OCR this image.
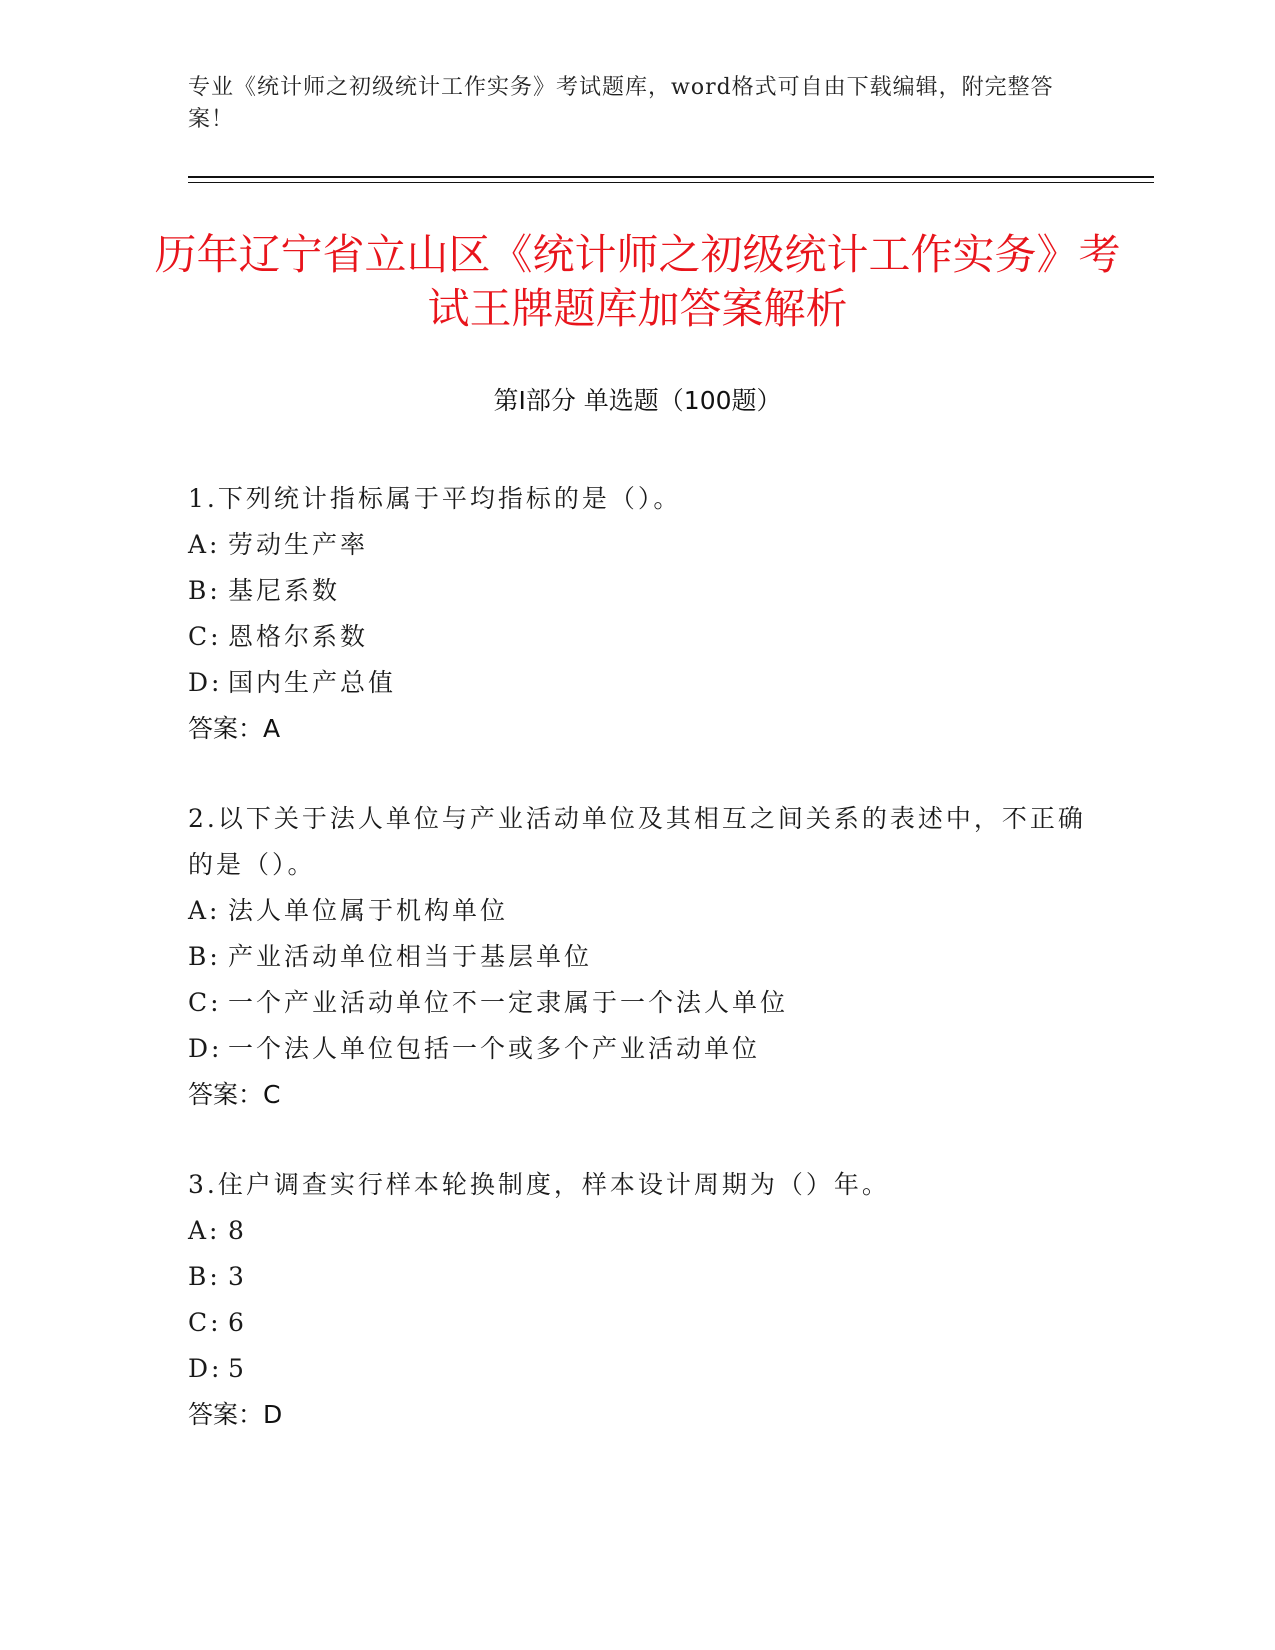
专业《统计师之初级统计工作实务》考试题库，word格式可自由下载编辑，附完整答案！
历年辽宁省立山区《统计师之初级统计工作实务》考试王牌题库加答案解析
第Ⅰ部分 单选题（100题）
1.下列统计指标属于平均指标的是（）。
A: 劳动生产率
B: 基尼系数
C: 恩格尔系数
D: 国内生产总值
答案：A
2.以下关于法人单位与产业活动单位及其相互之间关系的表述中，不正确的是（）。
A: 法人单位属于机构单位
B: 产业活动单位相当于基层单位
C: 一个产业活动单位不一定隶属于一个法人单位
D: 一个法人单位包括一个或多个产业活动单位
答案：C
3.住户调查实行样本轮换制度，样本设计周期为（）年。
A: 8
B: 3
C: 6
D: 5
答案：D
